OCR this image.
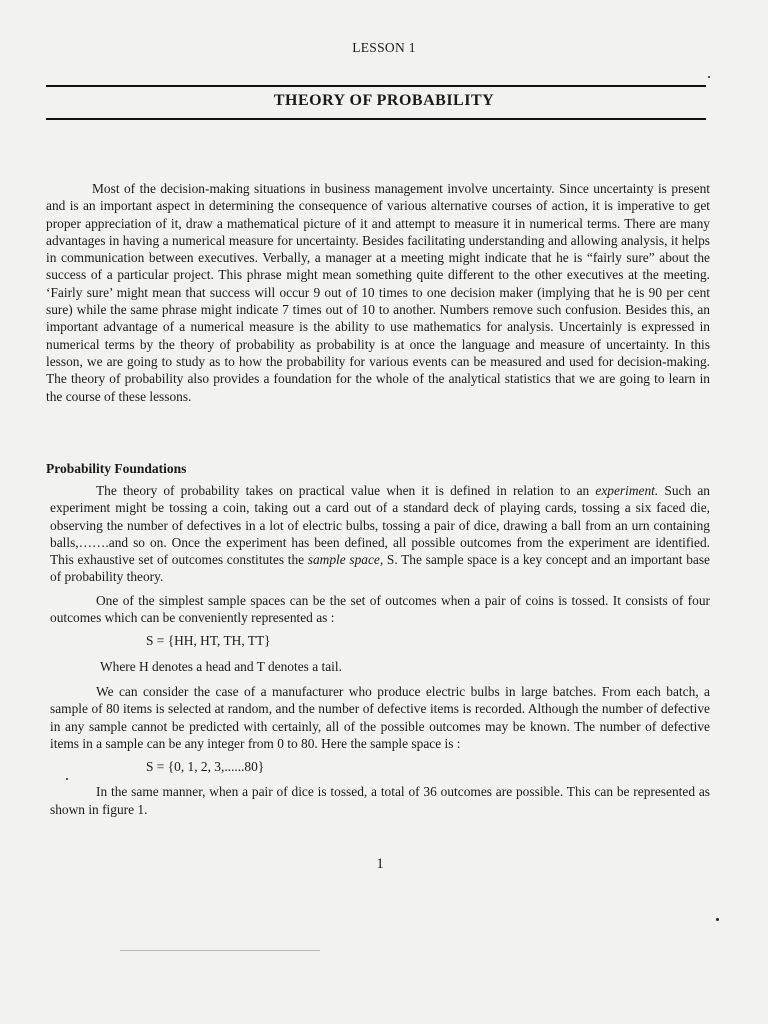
LESSON 1
THEORY OF PROBABILITY

Most of the decision-making situations in business management involve uncertainty. Since uncertainty is present and is an important aspect in determining the consequence of various alternative courses of action, it is imperative to get proper appreciation of it, draw a mathematical picture of it and attempt to measure it in numerical terms. There are many advantages in having a numerical measure for uncertainty. Besides facilitating understanding and allowing analysis, it helps in communication between executives. Verbally, a manager at a meeting might indicate that he is “fairly sure” about the success of a particular project. This phrase might mean something quite different to the other executives at the meeting. ‘Fairly sure’ might mean that success will occur 9 out of 10 times to one decision maker (implying that he is 90 per cent sure) while the same phrase might indicate 7 times out of 10 to another. Numbers remove such confusion. Besides this, an important advantage of a numerical measure is the ability to use mathematics for analysis. Uncertainly is expressed in numerical terms by the theory of probability as probability is at once the language and measure of uncertainty. In this lesson, we are going to study as to how the probability for various events can be measured and used for decision-making. The theory of probability also provides a foundation for the whole of the analytical statistics that we are going to learn in the course of these lessons.

Probability Foundations

The theory of probability takes on practical value when it is defined in relation to an experiment. Such an experiment might be tossing a coin, taking out a card out of a standard deck of playing cards, tossing a six faced die, observing the number of defectives in a lot of electric bulbs, tossing a pair of dice, drawing a ball from an urn containing balls,…….and so on. Once the experiment has been defined, all possible outcomes from the experiment are identified. This exhaustive set of outcomes constitutes the sample space, S. The sample space is a key concept and an important base of probability theory.

One of the simplest sample spaces can be the set of outcomes when a pair of coins is tossed. It consists of four outcomes which can be conveniently represented as :

S = {HH, HT, TH, TT}

Where H denotes a head and T denotes a tail.

We can consider the case of a manufacturer who produce electric bulbs in large batches. From each batch, a sample of 80 items is selected at random, and the number of defective items is recorded. Although the number of defective in any sample cannot be predicted with certainly, all of the possible outcomes may be known. The number of defective items in a sample can be any integer from 0 to 80. Here the sample space is :

S = {0, 1, 2, 3,......80}

In the same manner, when a pair of dice is tossed, a total of 36 outcomes are possible. This can be represented as shown in figure 1.

1
